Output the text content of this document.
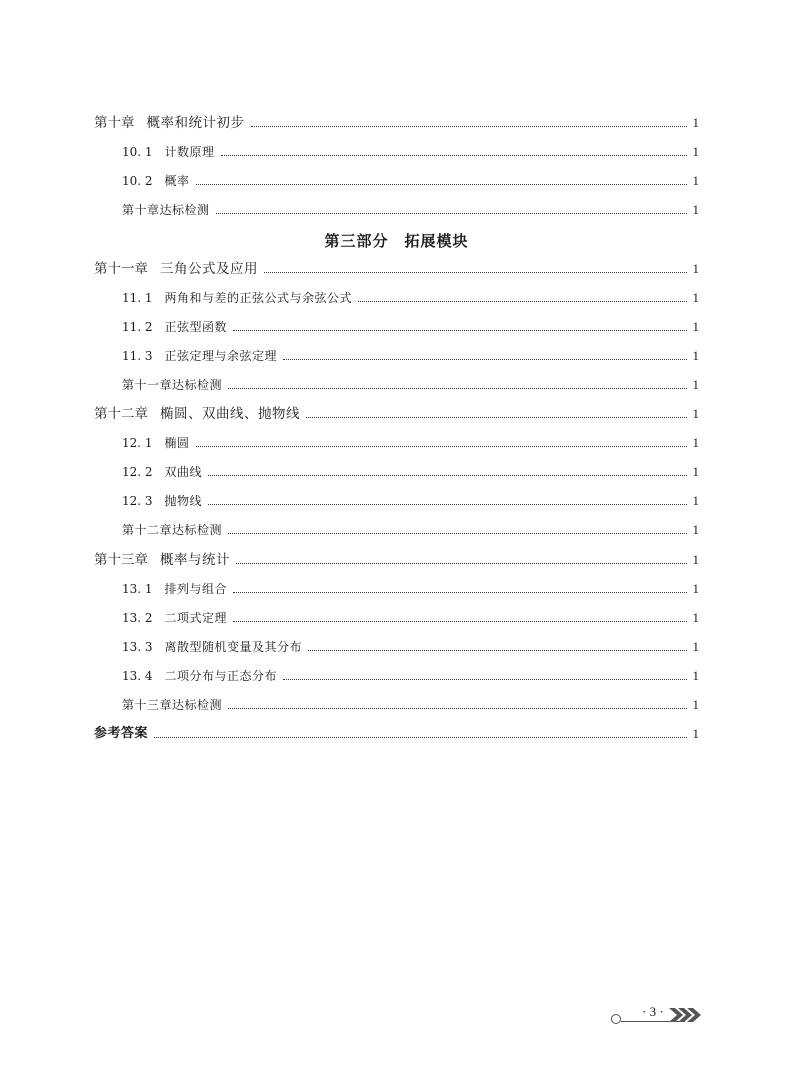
第十章 概率和统计初步	1
10. 1 计数原理	1
10. 2 概率	1
第十章达标检测	1
第三部分　拓展模块
第十一章 三角公式及应用	1
11. 1 两角和与差的正弦公式与余弦公式	1
11. 2 正弦型函数	1
11. 3 正弦定理与余弦定理	1
第十一章达标检测	1
第十二章 椭圆、双曲线、抛物线	1
12. 1 椭圆	1
12. 2 双曲线	1
12. 3 抛物线	1
第十二章达标检测	1
第十三章 概率与统计	1
13. 1 排列与组合	1
13. 2 二项式定理	1
13. 3 离散型随机变量及其分布	1
13. 4 二项分布与正态分布	1
第十三章达标检测	1
参考答案	1
· 3 ·
